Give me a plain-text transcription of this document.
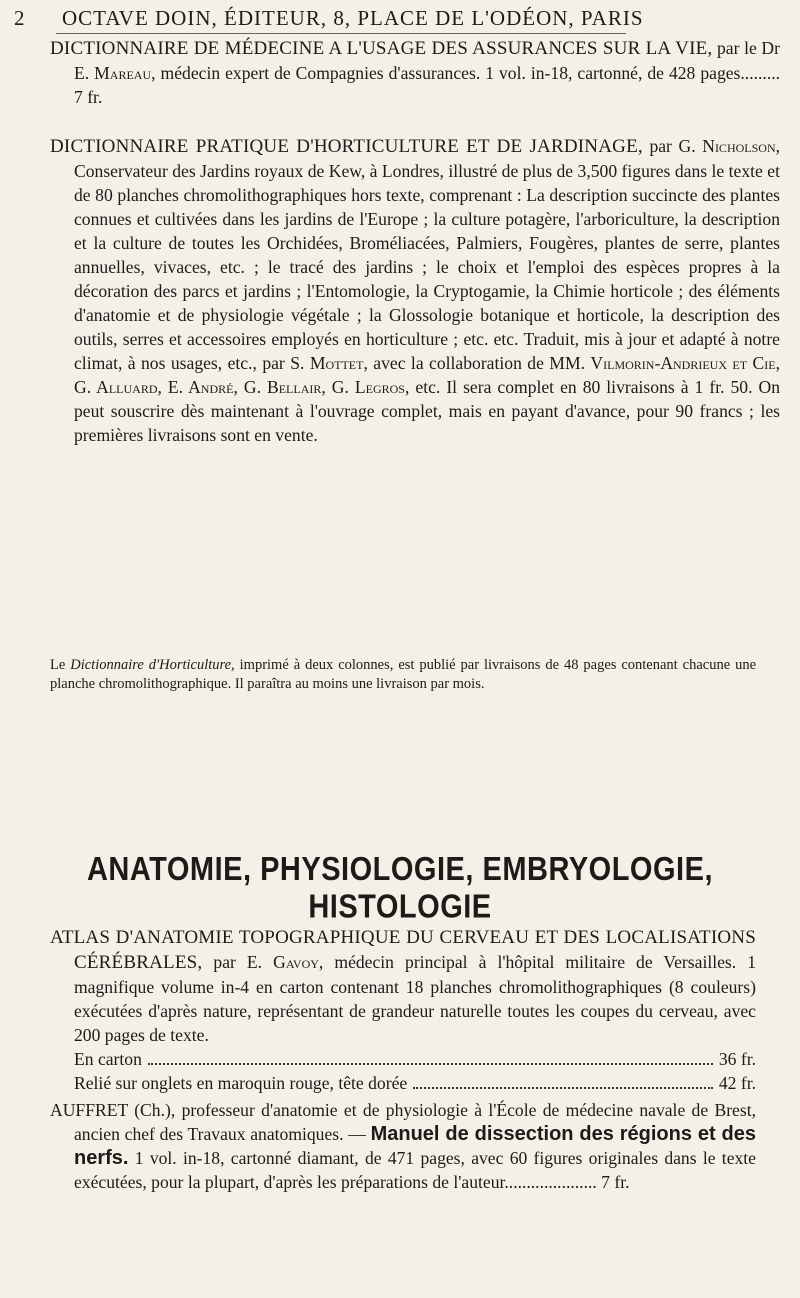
2 OCTAVE DOIN, ÉDITEUR, 8, PLACE DE L'ODÉON, PARIS
DICTIONNAIRE DE MÉDECINE A L'USAGE DES ASSURANCES SUR LA VIE, par le Dr E. Mareau, médecin expert de Compagnies d'assurances. 1 vol. in-18, cartonné, de 428 pages......... 7 fr.
DICTIONNAIRE PRATIQUE D'HORTICULTURE ET DE JARDINAGE, par G. Nicholson, Conservateur des Jardins royaux de Kew, à Londres, illustré de plus de 3,500 figures dans le texte et de 80 planches chromolithographiques hors texte, comprenant : La description succincte des plantes connues et cultivées dans les jardins de l'Europe ; la culture potagère, l'arboriculture, la description et la culture de toutes les Orchidées, Broméliacées, Palmiers, Fougères, plantes de serre, plantes annuelles, vivaces, etc. ; le tracé des jardins ; le choix et l'emploi des espèces propres à la décoration des parcs et jardins ; l'Entomologie, la Cryptogamie, la Chimie horticole ; des éléments d'anatomie et de physiologie végétale ; la Glossologie botanique et horticole, la description des outils, serres et accessoires employés en horticulture ; etc. etc. Traduit, mis à jour et adapté à notre climat, à nos usages, etc., par S. Mottet, avec la collaboration de MM. Vilmorin-Andrieux et Cie, G. Alluard, E. André, G. Bellair, G. Legros, etc. Il sera complet en 80 livraisons à 1 fr. 50. On peut souscrire dès maintenant à l'ouvrage complet, mais en payant d'avance, pour 90 francs ; les premières livraisons sont en vente.
Le Dictionnaire d'Horticulture, imprimé à deux colonnes, est publié par livraisons de 48 pages contenant chacune une planche chromolithographique. Il paraîtra au moins une livraison par mois.
ANATOMIE, PHYSIOLOGIE, EMBRYOLOGIE, HISTOLOGIE
ATLAS D'ANATOMIE TOPOGRAPHIQUE DU CERVEAU ET DES LOCALISATIONS CÉRÉBRALES, par E. Gavoy, médecin principal à l'hôpital militaire de Versailles. 1 magnifique volume in-4 en carton contenant 18 planches chromolithographiques (8 couleurs) exécutées d'après nature, représentant de grandeur naturelle toutes les coupes du cerveau, avec 200 pages de texte.
En carton	36 fr.
Relié sur onglets en maroquin rouge, tête dorée	42 fr.
AUFFRET (Ch.), professeur d'anatomie et de physiologie à l'École de médecine navale de Brest, ancien chef des Travaux anatomiques. — Manuel de dissection des régions et des nerfs. 1 vol. in-18, cartonné diamant, de 471 pages, avec 60 figures originales dans le texte exécutées, pour la plupart, d'après les préparations de l'auteur..................... 7 fr.
